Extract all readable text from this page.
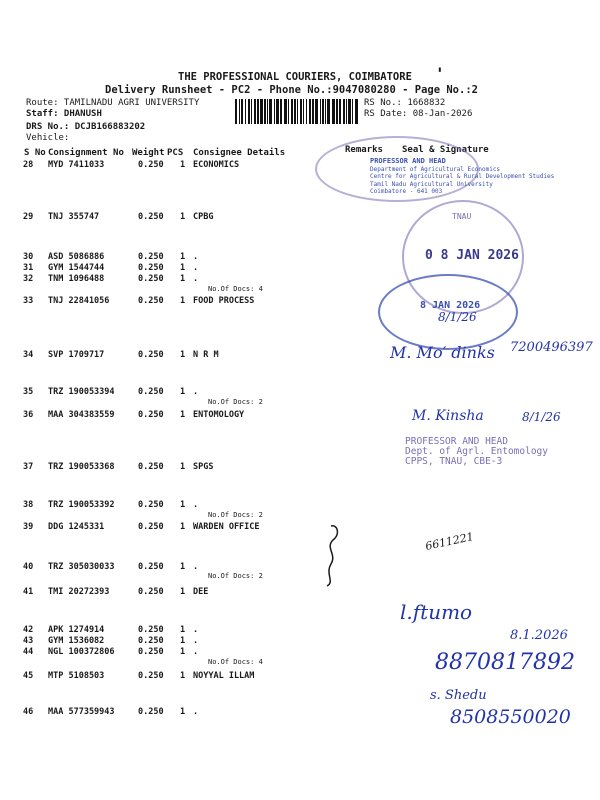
THE PROFESSIONAL COURIERS, COIMBATORE '
Delivery Runsheet - PC2 - Phone No.:9047080280 - Page No.:2
Route: TAMILNADU AGRI UNIVERSITY
Staff: DHANUSH
DRS No.: DCJB166883202
Vehicle:
RS No.: 1668832
RS Date: 08-Jan-2026
S No Consignment No Weight PCS Consignee Details	Remarks Seal & Signature
28 MYD 7411033	0.250 1 ECONOMICS
29 TNJ 355747	0.250 1 CPBG
30 ASD 5086886	0.250 1 .
31 GYM 1544744	0.250 1 .
32 TNM 1096488	0.250 1 .
No.Of Docs: 4
33 TNJ 22841056	0.250 1 FOOD PROCESS
34 SVP 1709717	0.250 1 N R M
35 TRZ 190053394	0.250 1 .
No.Of Docs: 2
36 MAA 304383559	0.250 1 ENTOMOLOGY
37 TRZ 190053368	0.250 1 SPGS
38 TRZ 190053392	0.250 1 .
No.Of Docs: 2
39 DDG 1245331	0.250 1 WARDEN OFFICE
40 TRZ 305030033	0.250 1 .
No.Of Docs: 2
41 TMI 20272393	0.250 1 DEE
42 APK 1274914	0.250 1 .
43 GYM 1536082	0.250 1 .
44 NGL 100372806	0.250 1 .
No.Of Docs: 4
45 MTP 5108503	0.250 1 NOYYAL ILLAM
46 MAA 577359943	0.250 1 .
PROFESSOR AND HEAD
Department of Agricultural Economics
Centre for Agricultural & Rural Development Studies
Tamil Nadu Agricultural University
Coimbatore - 641 003
TNAU
0 8 JAN 2026
8 JAN 2026
PROFESSOR AND HEAD
Dept. of Agrl. Entomology
CPPS, TNAU, CBE-3
8/1/26
M. Mo′ dinks 7200496397
M. Kinsha	8/1/26
6611221
l.ftumo
8.1.2026
8870817892
s. Shedu
8508550020
